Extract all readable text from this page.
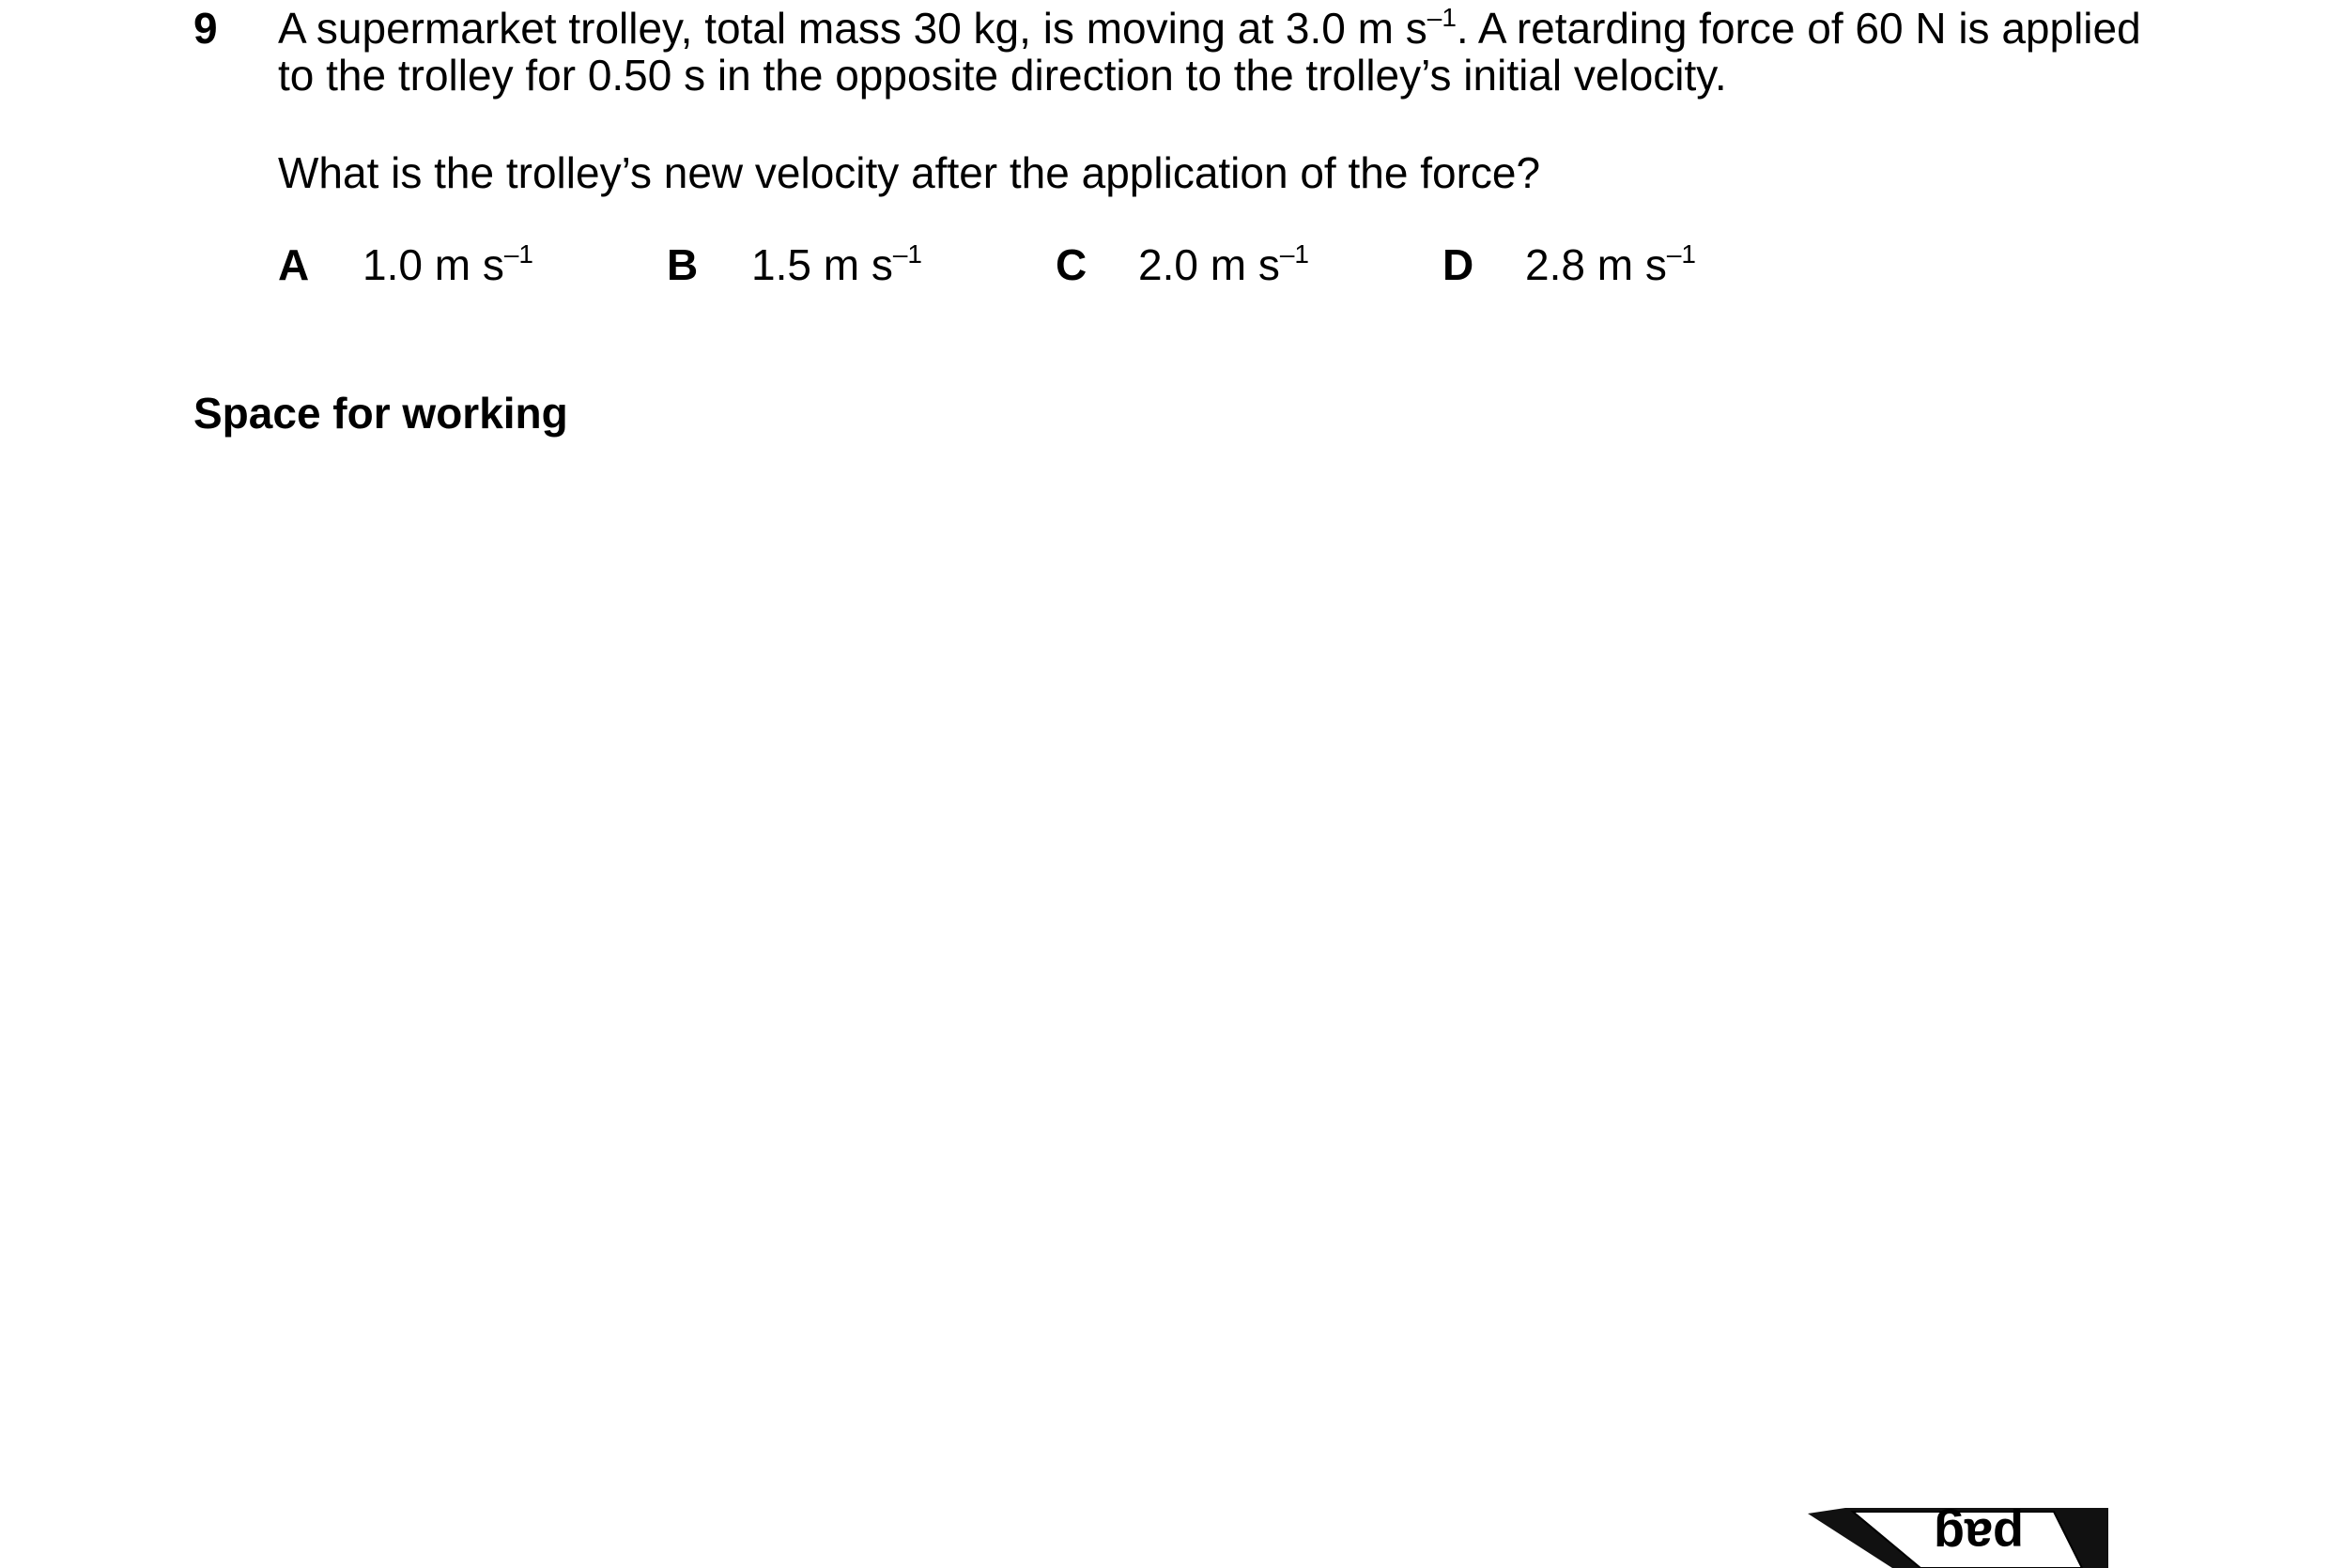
9 A supermarket trolley, total mass 30 kg, is moving at 3.0 m $s^{-1}$. A retarding force of 60 N is applied
to the trolley for 0.50 s in the opposite direction to the trolley’s initial velocity.
What is the trolley’s new velocity after the application of the force?
A 1.0 m $s^{-1}$	B 1.5 m $s^{-1}$	C 2.0 m $s^{-1}$	D 2.8 m $s^{-1}$
Space for working
pag
